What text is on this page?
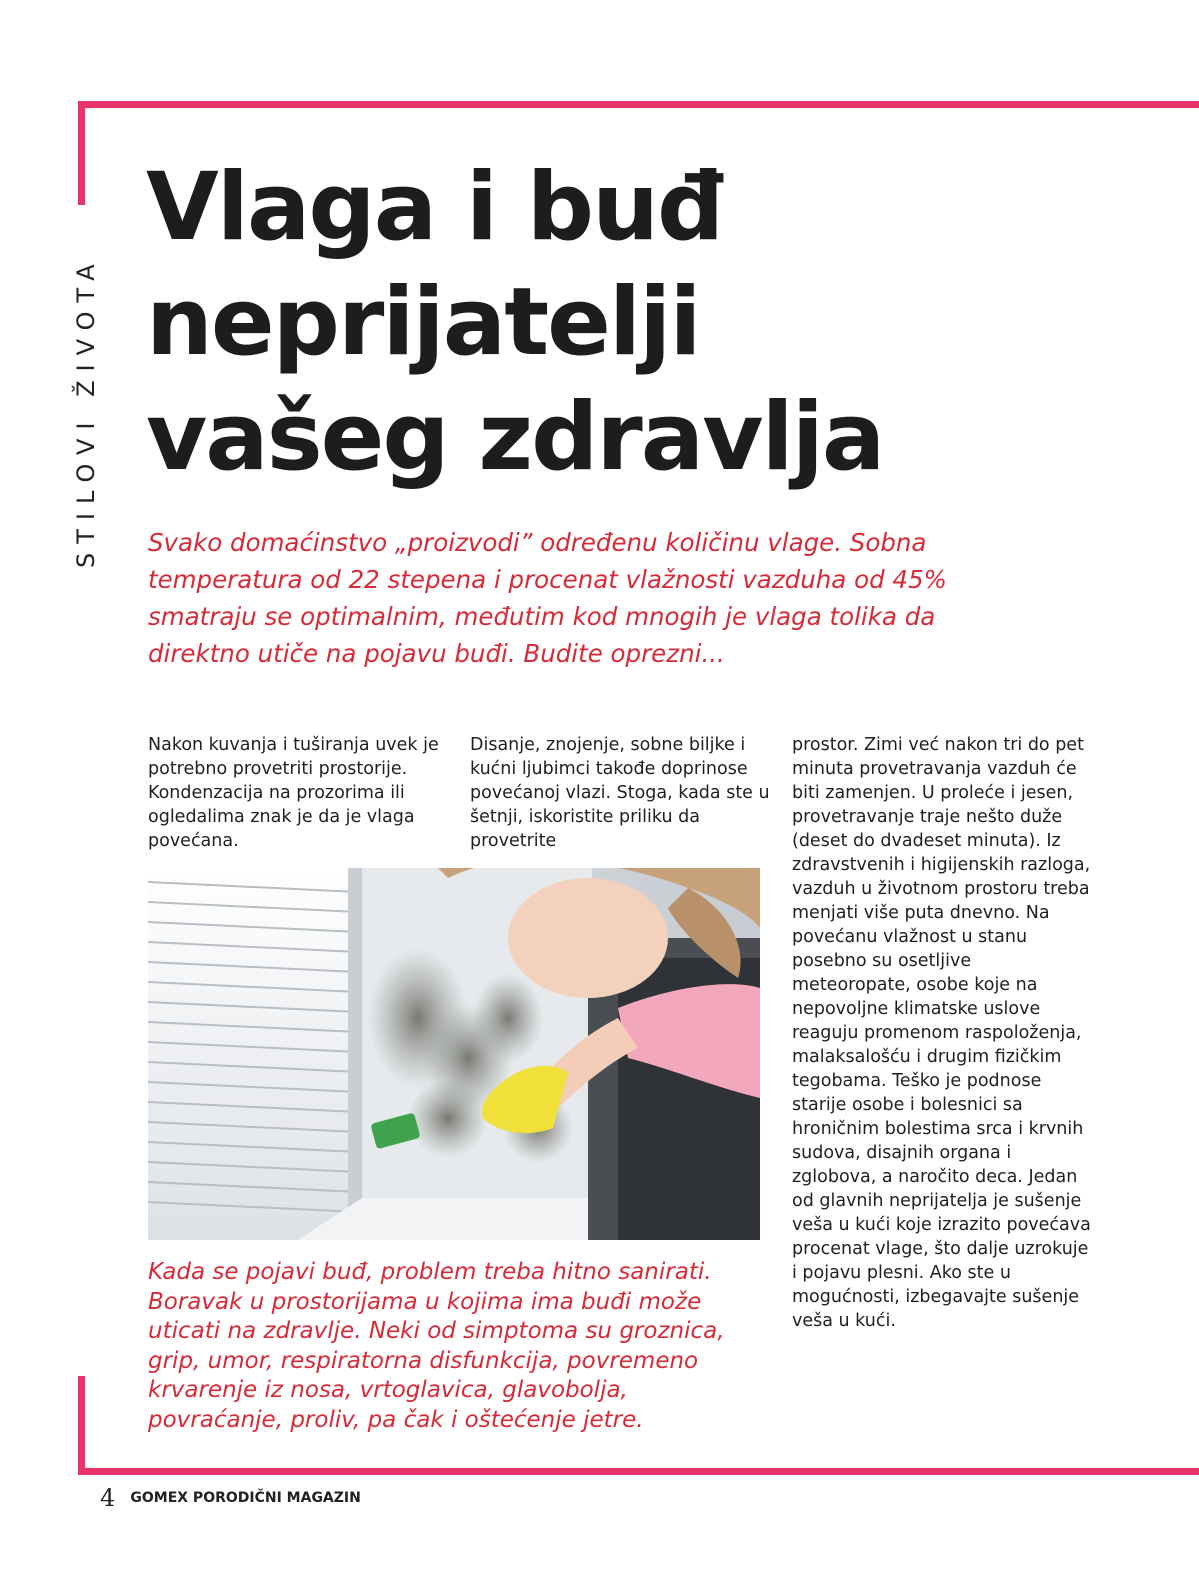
STILOVI ŽIVOTA
Vlaga i buđ
neprijatelji
vašeg zdravlja

Svako domaćinstvo „proizvodi” određenu količinu vlage. Sobna temperatura od 22 stepena i procenat vlažnosti vazduha od 45% smatraju se optimalnim, međutim kod mnogih je vlaga tolika da direktno utiče na pojavu buđi. Budite oprezni...

Nakon kuvanja i tuširanja uvek je potrebno provetriti prostorije. Kondenzacija na prozorima ili ogledalima znak je da je vlaga povećana.

Disanje, znojenje, sobne biljke i kućni ljubimci takođe doprinose povećanoj vlazi. Stoga, kada ste u šetnji, iskoristite priliku da provetrite

prostor. Zimi već nakon tri do pet minuta provetravanja vazduh će biti zamenjen. U proleće i jesen, provetravanje traje nešto duže (deset do dvadeset minuta). Iz zdravstvenih i higijenskih razloga, vazduh u životnom prostoru treba menjati više puta dnevno. Na povećanu vlažnost u stanu posebno su osetljive meteoropate, osobe koje na nepovoljne klimatske uslove reaguju promenom raspoloženja, malaksalošću i drugim fizičkim tegobama. Teško je podnose starije osobe i bolesnici sa hroničnim bolestima srca i krvnih sudova, disajnih organa i zglobova, a naročito deca. Jedan od glavnih neprijatelja je sušenje veša u kući koje izrazito povećava procenat vlage, što dalje uzrokuje i pojavu plesni. Ako ste u mogućnosti, izbegavajte sušenje veša u kući.

Kada se pojavi buđ, problem treba hitno sanirati. Boravak u prostorijama u kojima ima buđi može uticati na zdravlje. Neki od simptoma su groznica, grip, umor, respiratorna disfunkcija, povremeno krvarenje iz nosa, vrtoglavica, glavobolja, povraćanje, proliv, pa čak i oštećenje jetre.

4 GOMEX PORODIČNI MAGAZIN
